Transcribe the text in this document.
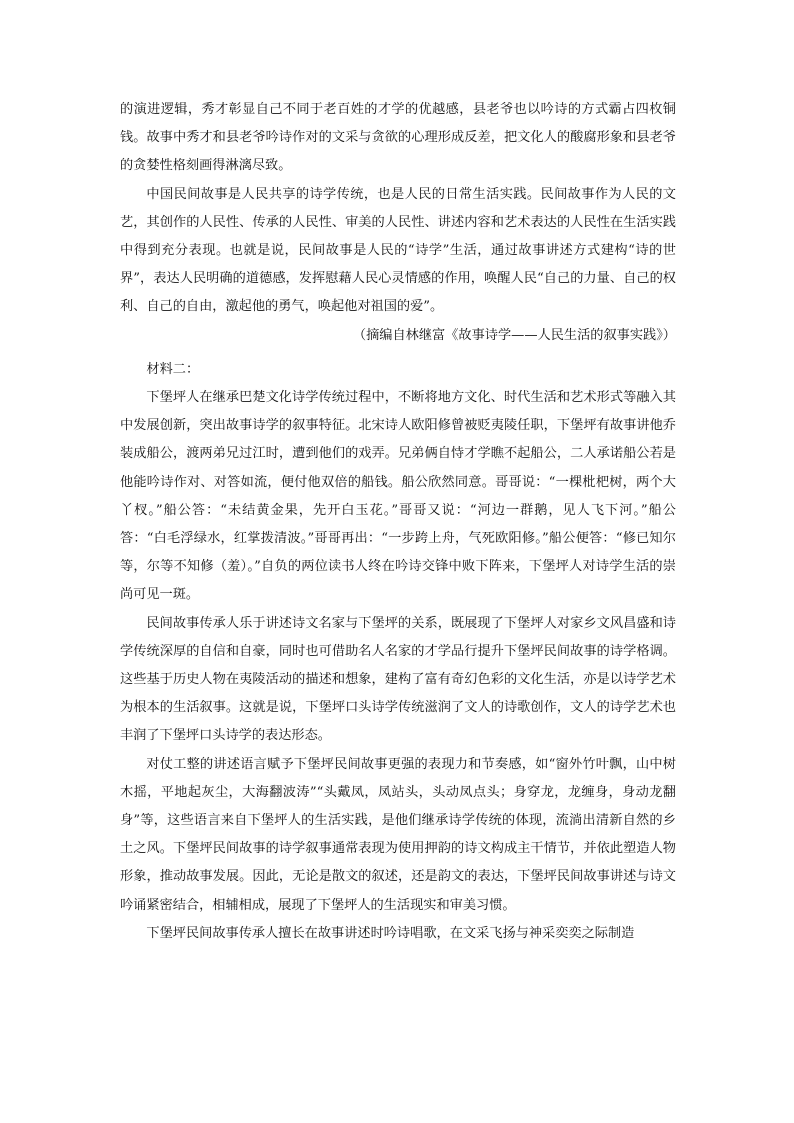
的演进逻辑，秀才彰显自己不同于老百姓的才学的优越感，县老爷也以吟诗的方式霸占四枚铜钱。故事中秀才和县老爷吟诗作对的文采与贪欲的心理形成反差，把文化人的酸腐形象和县老爷的贪婪性格刻画得淋漓尽致。

中国民间故事是人民共享的诗学传统，也是人民的日常生活实践。民间故事作为人民的文艺，其创作的人民性、传承的人民性、审美的人民性、讲述内容和艺术表达的人民性在生活实践中得到充分表现。也就是说，民间故事是人民的“诗学”生活，通过故事讲述方式建构“诗的世界”，表达人民明确的道德感，发挥慰藉人民心灵情感的作用，唤醒人民“自己的力量、自己的权利、自己的自由，激起他的勇气，唤起他对祖国的爱”。

（摘编自林继富《故事诗学——人民生活的叙事实践》）

材料二：

下堡坪人在继承巴楚文化诗学传统过程中，不断将地方文化、时代生活和艺术形式等融入其中发展创新，突出故事诗学的叙事特征。北宋诗人欧阳修曾被贬夷陵任职，下堡坪有故事讲他乔装成船公，渡两弟兄过江时，遭到他们的戏弄。兄弟俩自恃才学瞧不起船公，二人承诺船公若是他能吟诗作对、对答如流，便付他双倍的船钱。船公欣然同意。哥哥说：“一棵枇杷树，两个大丫杈。”船公答：“未结黄金果，先开白玉花。”哥哥又说：“河边一群鹅，见人飞下河。”船公答：“白毛浮绿水，红掌拨清波。”哥哥再出：“一步跨上舟，气死欧阳修。”船公便答：“修已知尔等，尔等不知修（羞）。”自负的两位读书人终在吟诗交锋中败下阵来，下堡坪人对诗学生活的崇尚可见一斑。

民间故事传承人乐于讲述诗文名家与下堡坪的关系，既展现了下堡坪人对家乡文风昌盛和诗学传统深厚的自信和自豪，同时也可借助名人名家的才学品行提升下堡坪民间故事的诗学格调。这些基于历史人物在夷陵活动的描述和想象，建构了富有奇幻色彩的文化生活，亦是以诗学艺术为根本的生活叙事。这就是说，下堡坪口头诗学传统滋润了文人的诗歌创作，文人的诗学艺术也丰润了下堡坪口头诗学的表达形态。

对仗工整的讲述语言赋予下堡坪民间故事更强的表现力和节奏感，如“窗外竹叶飘，山中树木摇，平地起灰尘，大海翻波涛”“头戴凤，凤站头，头动凤点头；身穿龙，龙缠身，身动龙翻身”等，这些语言来自下堡坪人的生活实践，是他们继承诗学传统的体现，流淌出清新自然的乡土之风。下堡坪民间故事的诗学叙事通常表现为使用押韵的诗文构成主干情节，并依此塑造人物形象，推动故事发展。因此，无论是散文的叙述，还是韵文的表达，下堡坪民间故事讲述与诗文吟诵紧密结合，相辅相成，展现了下堡坪人的生活现实和审美习惯。

下堡坪民间故事传承人擅长在故事讲述时吟诗唱歌，在文采飞扬与神采奕奕之际制造
